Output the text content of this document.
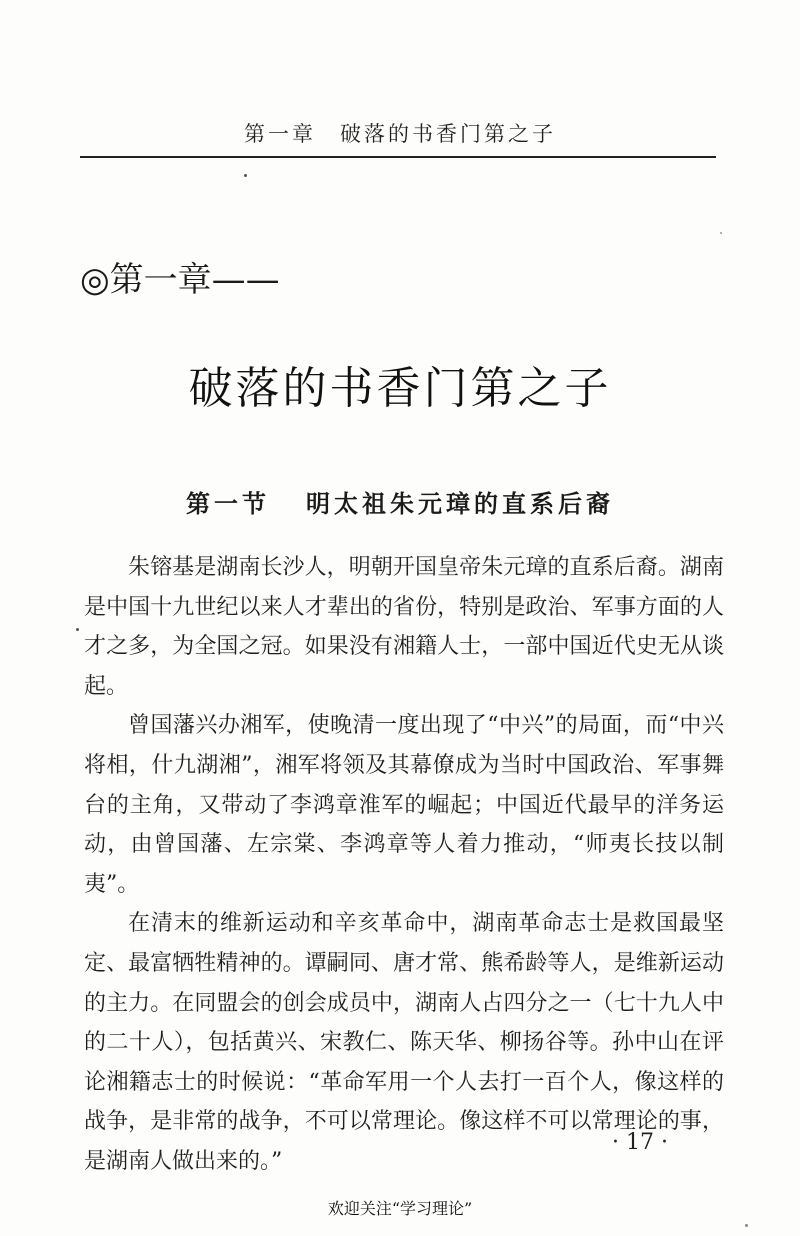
第一章　破落的书香门第之子
◎第一章——
破落的书香门第之子
第一节 明太祖朱元璋的直系后裔

朱镕基是湖南长沙人，明朝开国皇帝朱元璋的直系后裔。湖南是中国十九世纪以来人才辈出的省份，特别是政治、军事方面的人才之多，为全国之冠。如果没有湘籍人士，一部中国近代史无从谈起。

曾国藩兴办湘军，使晚清一度出现了“中兴”的局面，而“中兴将相，什九湖湘”，湘军将领及其幕僚成为当时中国政治、军事舞台的主角，又带动了李鸿章淮军的崛起；中国近代最早的洋务运动，由曾国藩、左宗棠、李鸿章等人着力推动，“师夷长技以制夷”。

在清末的维新运动和辛亥革命中，湖南革命志士是救国最坚定、最富牺牲精神的。谭嗣同、唐才常、熊希龄等人，是维新运动的主力。在同盟会的创会成员中，湖南人占四分之一（七十九人中的二十人），包括黄兴、宋教仁、陈天华、柳扬谷等。孙中山在评论湘籍志士的时候说：“革命军用一个人去打一百个人，像这样的战争，是非常的战争，不可以常理论。像这样不可以常理论的事，是湖南人做出来的。”

· 17 ·
欢迎关注“学习理论”
